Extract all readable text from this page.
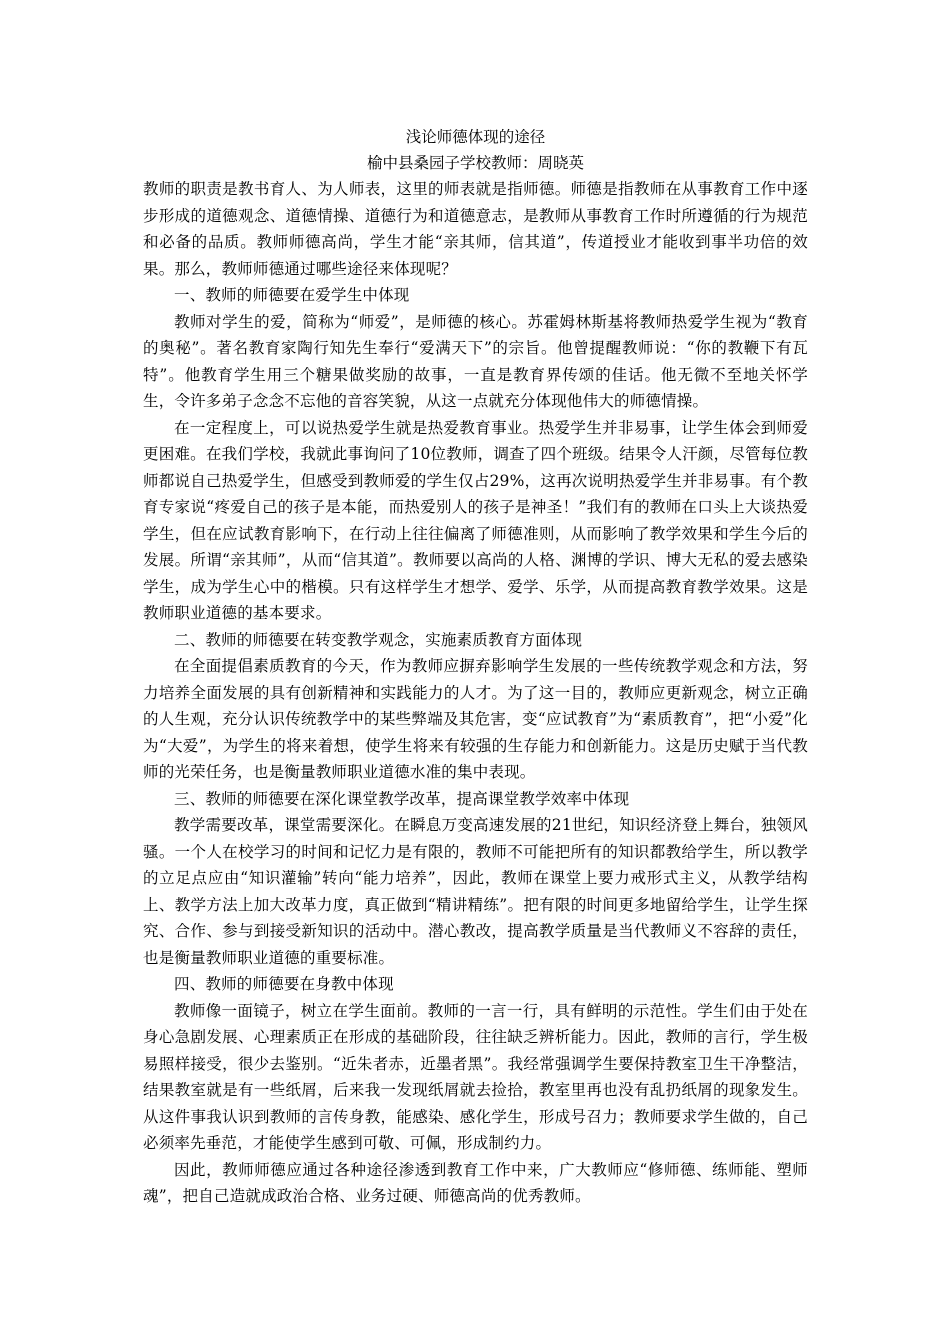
浅论师德体现的途径
榆中县桑园子学校教师：周晓英

教师的职责是教书育人、为人师表，这里的师表就是指师德。师德是指教师在从事教育工作中逐步形成的道德观念、道德情操、道德行为和道德意志，是教师从事教育工作时所遵循的行为规范和必备的品质。教师师德高尚，学生才能“亲其师，信其道”，传道授业才能收到事半功倍的效果。那么，教师师德通过哪些途径来体现呢？

一、教师的师德要在爱学生中体现

教师对学生的爱，简称为“师爱”，是师德的核心。苏霍姆林斯基将教师热爱学生视为“教育的奥秘”。著名教育家陶行知先生奉行“爱满天下”的宗旨。他曾提醒教师说：“你的教鞭下有瓦特”。他教育学生用三个糖果做奖励的故事，一直是教育界传颂的佳话。他无微不至地关怀学生，令许多弟子念念不忘他的音容笑貌，从这一点就充分体现他伟大的师德情操。

在一定程度上，可以说热爱学生就是热爱教育事业。热爱学生并非易事，让学生体会到师爱更困难。在我们学校，我就此事询问了10位教师，调查了四个班级。结果令人汗颜，尽管每位教师都说自己热爱学生，但感受到教师爱的学生仅占29%，这再次说明热爱学生并非易事。有个教育专家说“疼爱自己的孩子是本能，而热爱别人的孩子是神圣！”我们有的教师在口头上大谈热爱学生，但在应试教育影响下，在行动上往往偏离了师德准则，从而影响了教学效果和学生今后的发展。所谓“亲其师”，从而“信其道”。教师要以高尚的人格、渊博的学识、博大无私的爱去感染学生，成为学生心中的楷模。只有这样学生才想学、爱学、乐学，从而提高教育教学效果。这是教师职业道德的基本要求。

二、教师的师德要在转变教学观念，实施素质教育方面体现

在全面提倡素质教育的今天，作为教师应摒弃影响学生发展的一些传统教学观念和方法，努力培养全面发展的具有创新精神和实践能力的人才。为了这一目的，教师应更新观念，树立正确的人生观，充分认识传统教学中的某些弊端及其危害，变“应试教育”为“素质教育”，把“小爱”化为“大爱”，为学生的将来着想，使学生将来有较强的生存能力和创新能力。这是历史赋于当代教师的光荣任务，也是衡量教师职业道德水准的集中表现。

三、教师的师德要在深化课堂教学改革，提高课堂教学效率中体现

教学需要改革，课堂需要深化。在瞬息万变高速发展的21世纪，知识经济登上舞台，独领风骚。一个人在校学习的时间和记忆力是有限的，教师不可能把所有的知识都教给学生，所以教学的立足点应由“知识灌输”转向“能力培养”，因此，教师在课堂上要力戒形式主义，从教学结构上、教学方法上加大改革力度，真正做到“精讲精练”。把有限的时间更多地留给学生，让学生探究、合作、参与到接受新知识的活动中。潜心教改，提高教学质量是当代教师义不容辞的责任，也是衡量教师职业道德的重要标准。

四、教师的师德要在身教中体现

教师像一面镜子，树立在学生面前。教师的一言一行，具有鲜明的示范性。学生们由于处在身心急剧发展、心理素质正在形成的基础阶段，往往缺乏辨析能力。因此，教师的言行，学生极易照样接受，很少去鉴别。“近朱者赤，近墨者黑”。我经常强调学生要保持教室卫生干净整洁，结果教室就是有一些纸屑，后来我一发现纸屑就去捡拾，教室里再也没有乱扔纸屑的现象发生。从这件事我认识到教师的言传身教，能感染、感化学生，形成号召力；教师要求学生做的，自己必须率先垂范，才能使学生感到可敬、可佩，形成制约力。

因此，教师师德应通过各种途径渗透到教育工作中来，广大教师应“修师德、练师能、塑师魂”，把自己造就成政治合格、业务过硬、师德高尚的优秀教师。
